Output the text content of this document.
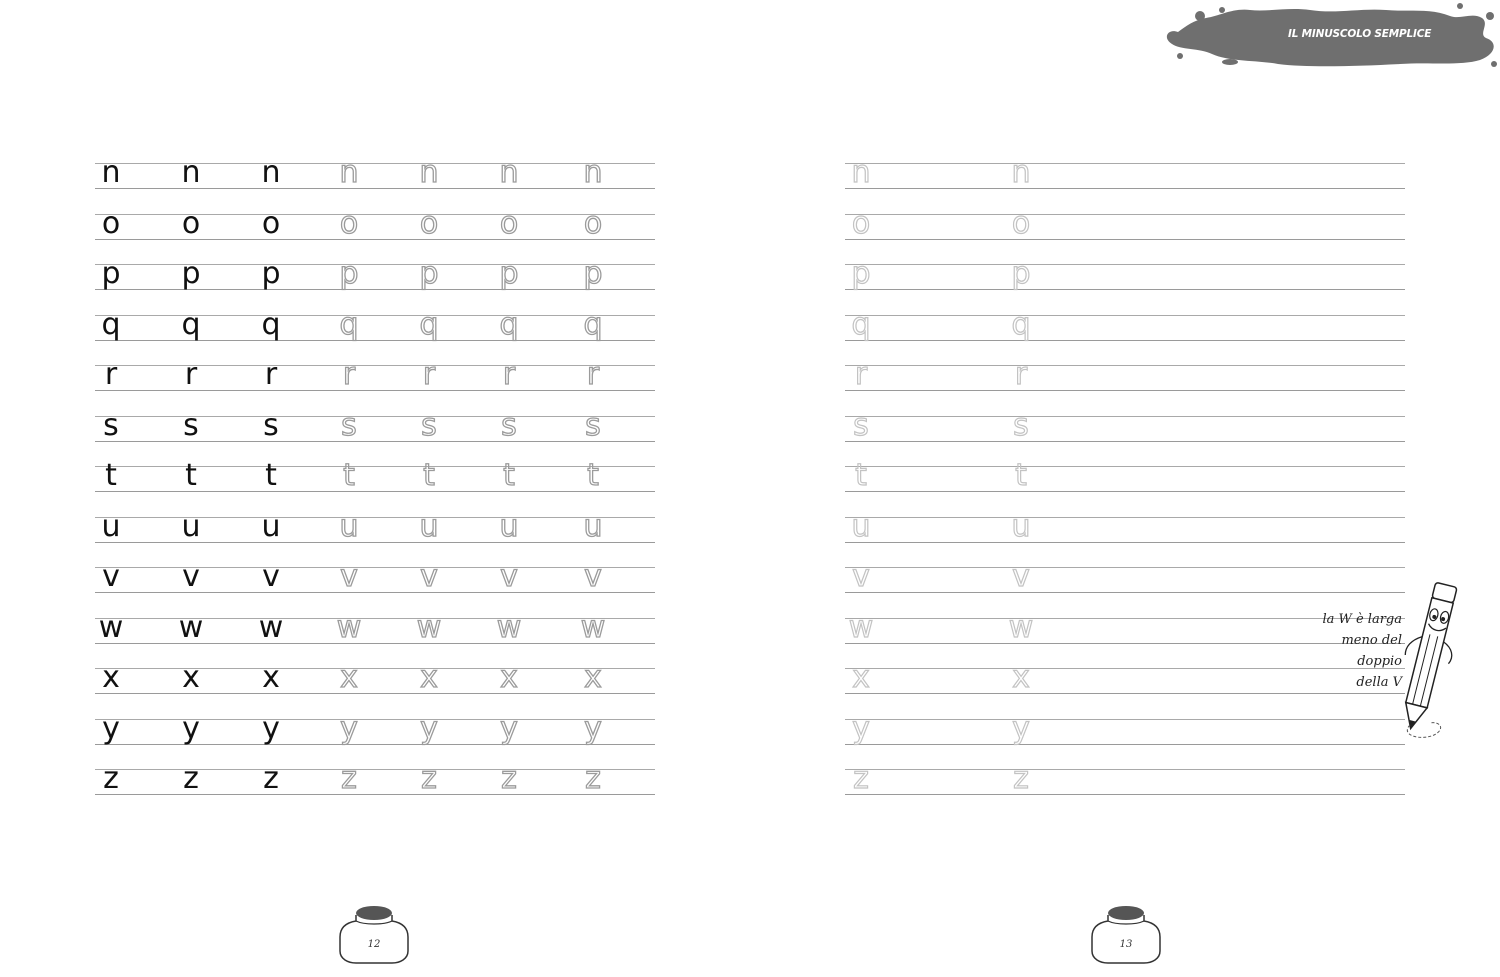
IL MINUSCOLO SEMPLICE
n	n	n	n	n	n	n
o	o	o	o	o	o	o
p	p	p	p	p	p	p
q	q	q	q	q	q	q
r	r	r	r	r	r	r
s	s	s	s	s	s	s
t	t	t	t	t	t	t
u	u	u	u	u	u	u
v	v	v	v	v	v	v
w w w w w w w
x	x	x	x	x	x	x
y	y	y	y	y	y	y
z	z	z	z	z	z	z
12
n	n
o	o
p	p
q	q
r	r
s	s
t	t
u	u
v	v
w	w
x	x
y	y
z	z
13
la W è larga
meno del
doppio
della V
